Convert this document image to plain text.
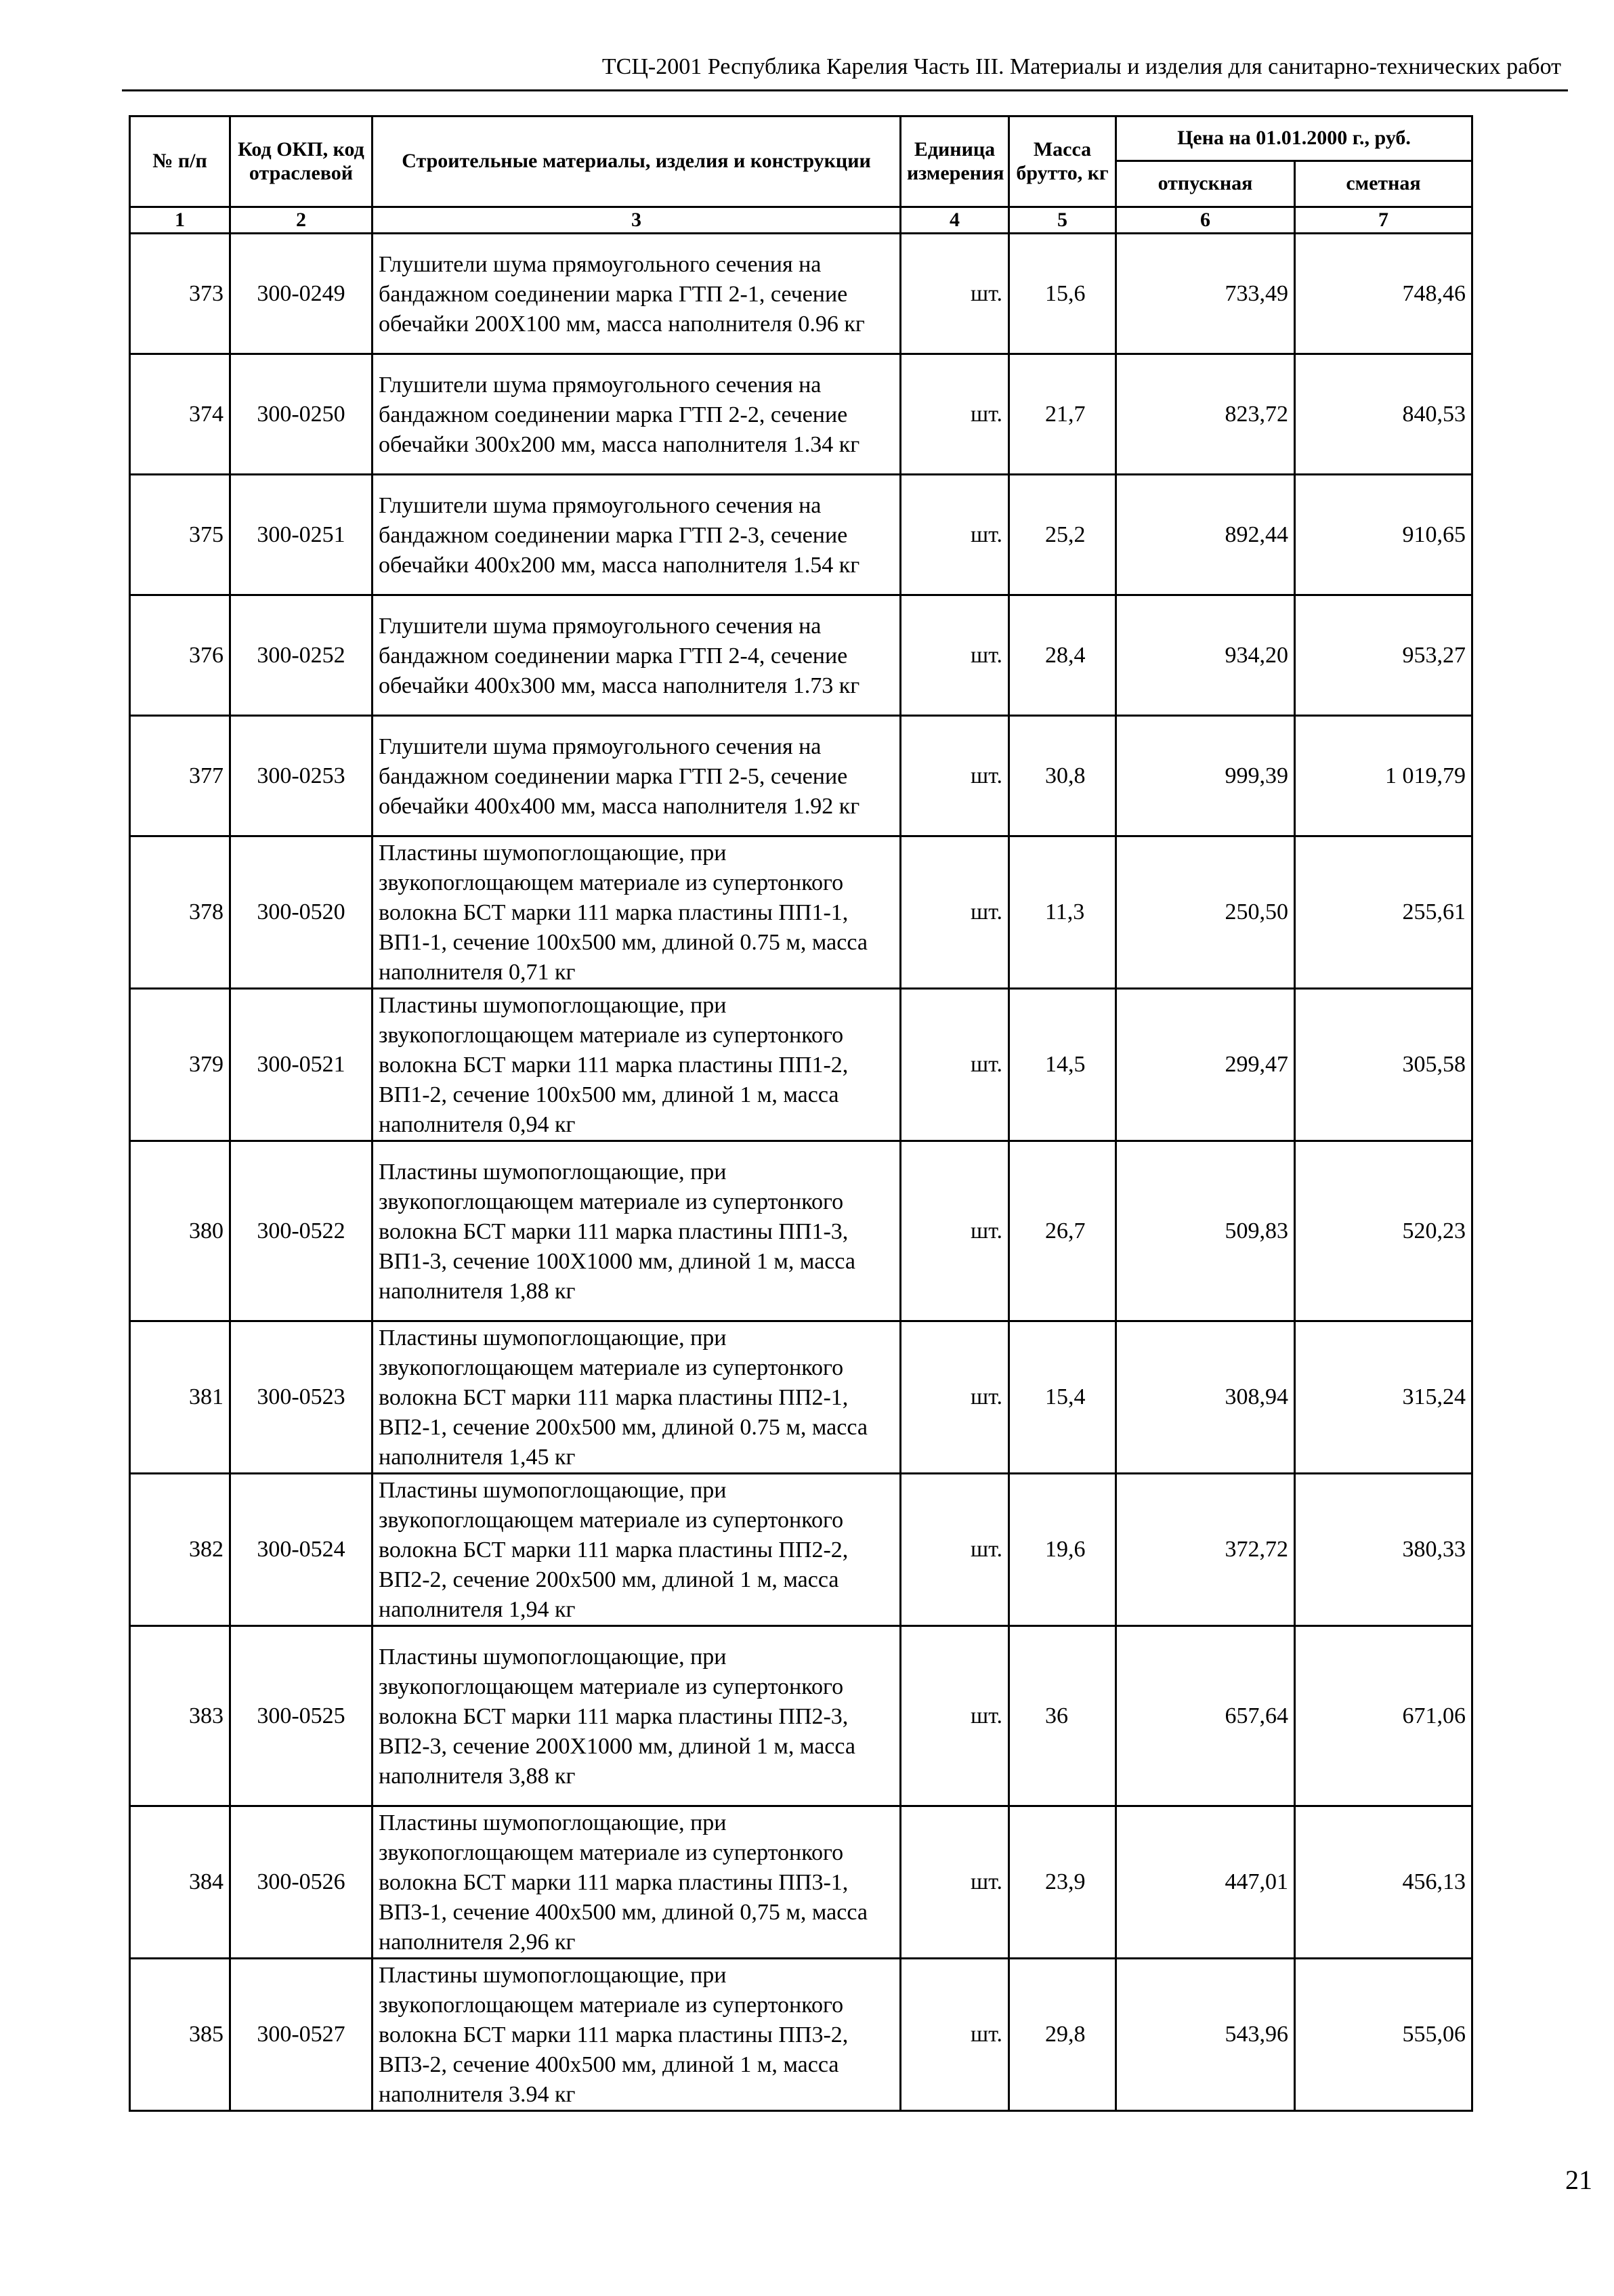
ТСЦ-2001 Республика Карелия Часть III. Материалы и изделия для санитарно-технических работ
№ п/п	Код ОКП, код отраслевой	Строительные материалы, изделия и конструкции	Единица измерения	Масса брутто, кг	Цена на 01.01.2000 г., руб.	
					отпускная	сметная
1	2	3	4	5	6	7
373	300-0249	Глушители шума прямоугольного сечения на бандажном соединении марка ГТП 2-1, сечение обечайки 200Х100 мм, масса наполнителя 0.96 кг	шт.	15,6	733,49	748,46
374	300-0250	Глушители шума прямоугольного сечения на бандажном соединении марка ГТП 2-2, сечение обечайки 300х200 мм, масса наполнителя 1.34 кг	шт.	21,7	823,72	840,53
375	300-0251	Глушители шума прямоугольного сечения на бандажном соединении марка ГТП 2-3, сечение обечайки 400х200 мм, масса наполнителя 1.54 кг	шт.	25,2	892,44	910,65
376	300-0252	Глушители шума прямоугольного сечения на бандажном соединении марка ГТП 2-4, сечение обечайки 400х300 мм, масса наполнителя 1.73 кг	шт.	28,4	934,20	953,27
377	300-0253	Глушители шума прямоугольного сечения на бандажном соединении марка ГТП 2-5, сечение обечайки 400х400 мм, масса наполнителя 1.92 кг	шт.	30,8	999,39	1 019,79
378	300-0520	Пластины шумопоглощающие, при звукопоглощающем материале из супертонкого волокна БСТ марки 111 марка пластины ПП1-1, ВП1-1, сечение 100х500 мм, длиной 0.75 м, масса наполнителя 0,71 кг	шт.	11,3	250,50	255,61
379	300-0521	Пластины шумопоглощающие, при звукопоглощающем материале из супертонкого волокна БСТ марки 111 марка пластины ПП1-2, ВП1-2, сечение 100х500 мм, длиной 1 м, масса наполнителя 0,94 кг	шт.	14,5	299,47	305,58
380	300-0522	Пластины шумопоглощающие, при звукопоглощающем материале из супертонкого волокна БСТ марки 111 марка пластины ПП1-3, ВП1-3, сечение 100Х1000 мм, длиной 1 м, масса наполнителя 1,88 кг	шт.	26,7	509,83	520,23
381	300-0523	Пластины шумопоглощающие, при звукопоглощающем материале из супертонкого волокна БСТ марки 111 марка пластины ПП2-1, ВП2-1, сечение 200х500 мм, длиной 0.75 м, масса наполнителя 1,45 кг	шт.	15,4	308,94	315,24
382	300-0524	Пластины шумопоглощающие, при звукопоглощающем материале из супертонкого волокна БСТ марки 111 марка пластины ПП2-2, ВП2-2, сечение 200х500 мм, длиной 1 м, масса наполнителя 1,94 кг	шт.	19,6	372,72	380,33
383	300-0525	Пластины шумопоглощающие, при звукопоглощающем материале из супертонкого волокна БСТ марки 111 марка пластины ПП2-3, ВП2-3, сечение 200Х1000 мм, длиной 1 м, масса наполнителя 3,88 кг	шт.	36	657,64	671,06
384	300-0526	Пластины шумопоглощающие, при звукопоглощающем материале из супертонкого волокна БСТ марки 111 марка пластины ПП3-1, ВП3-1, сечение 400х500 мм, длиной 0,75 м, масса наполнителя 2,96 кг	шт.	23,9	447,01	456,13
385	300-0527	Пластины шумопоглощающие, при звукопоглощающем материале из супертонкого волокна БСТ марки 111 марка пластины ПП3-2, ВП3-2, сечение 400х500 мм, длиной 1 м, масса наполнителя 3.94 кг	шт.	29,8	543,96	555,06
21
